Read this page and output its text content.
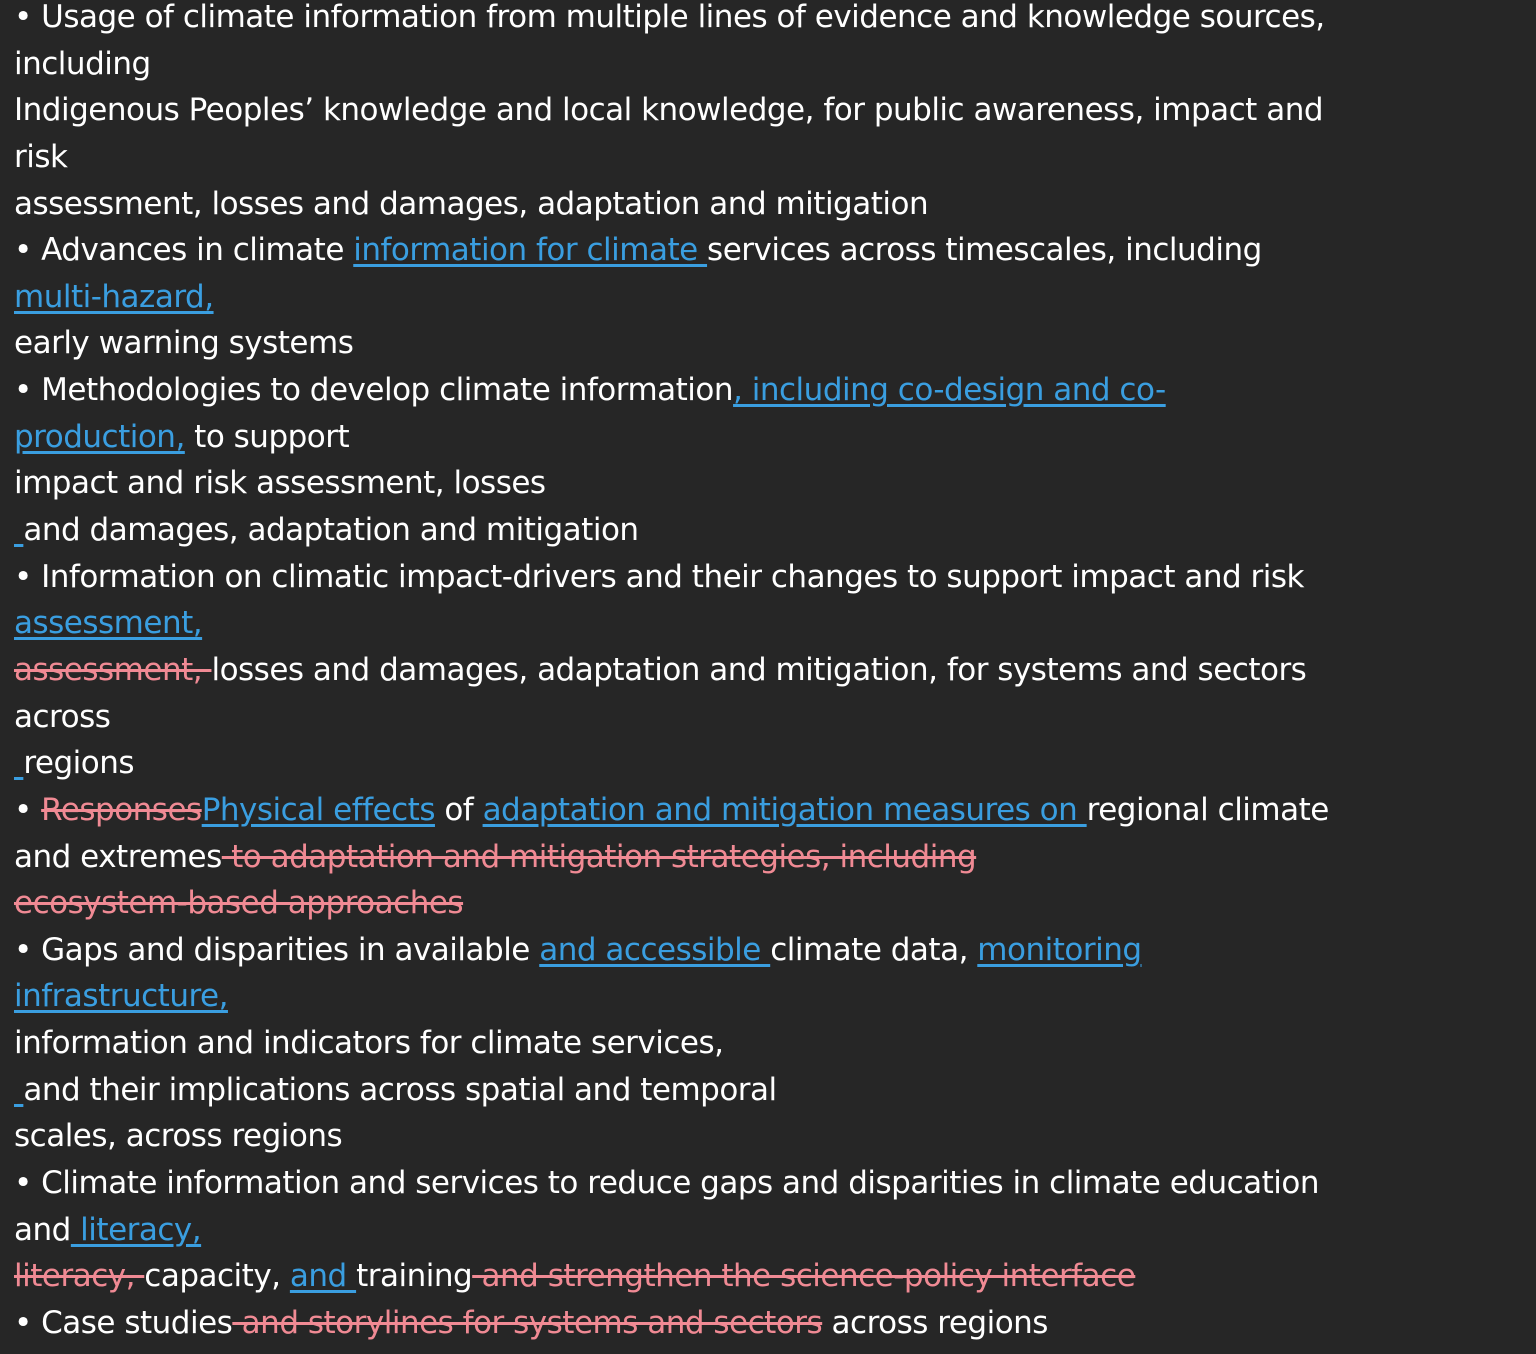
• Usage of climate information from multiple lines of evidence and knowledge sources,
including
Indigenous Peoples’ knowledge and local knowledge, for public awareness, impact and
risk
assessment, losses and damages, adaptation and mitigation
• Advances in climate information for climate services across timescales, including
multi-hazard,
early warning systems
• Methodologies to develop climate information, including co-design and co-
production, to support
impact and risk assessment, losses
and damages, adaptation and mitigation
• Information on climatic impact-drivers and their changes to support impact and risk
assessment,
assessment, losses and damages, adaptation and mitigation, for systems and sectors
across
regions
• ResponsesPhysical effects of adaptation and mitigation measures on regional climate
and extremes to adaptation and mitigation strategies, including
ecosystem-based approaches
• Gaps and disparities in available and accessible climate data, monitoring
infrastructure,
information and indicators for climate services,
and their implications across spatial and temporal
scales, across regions
• Climate information and services to reduce gaps and disparities in climate education
and literacy,
literacy, capacity, and training and strengthen the science-policy interface
• Case studies and storylines for systems and sectors across regions
